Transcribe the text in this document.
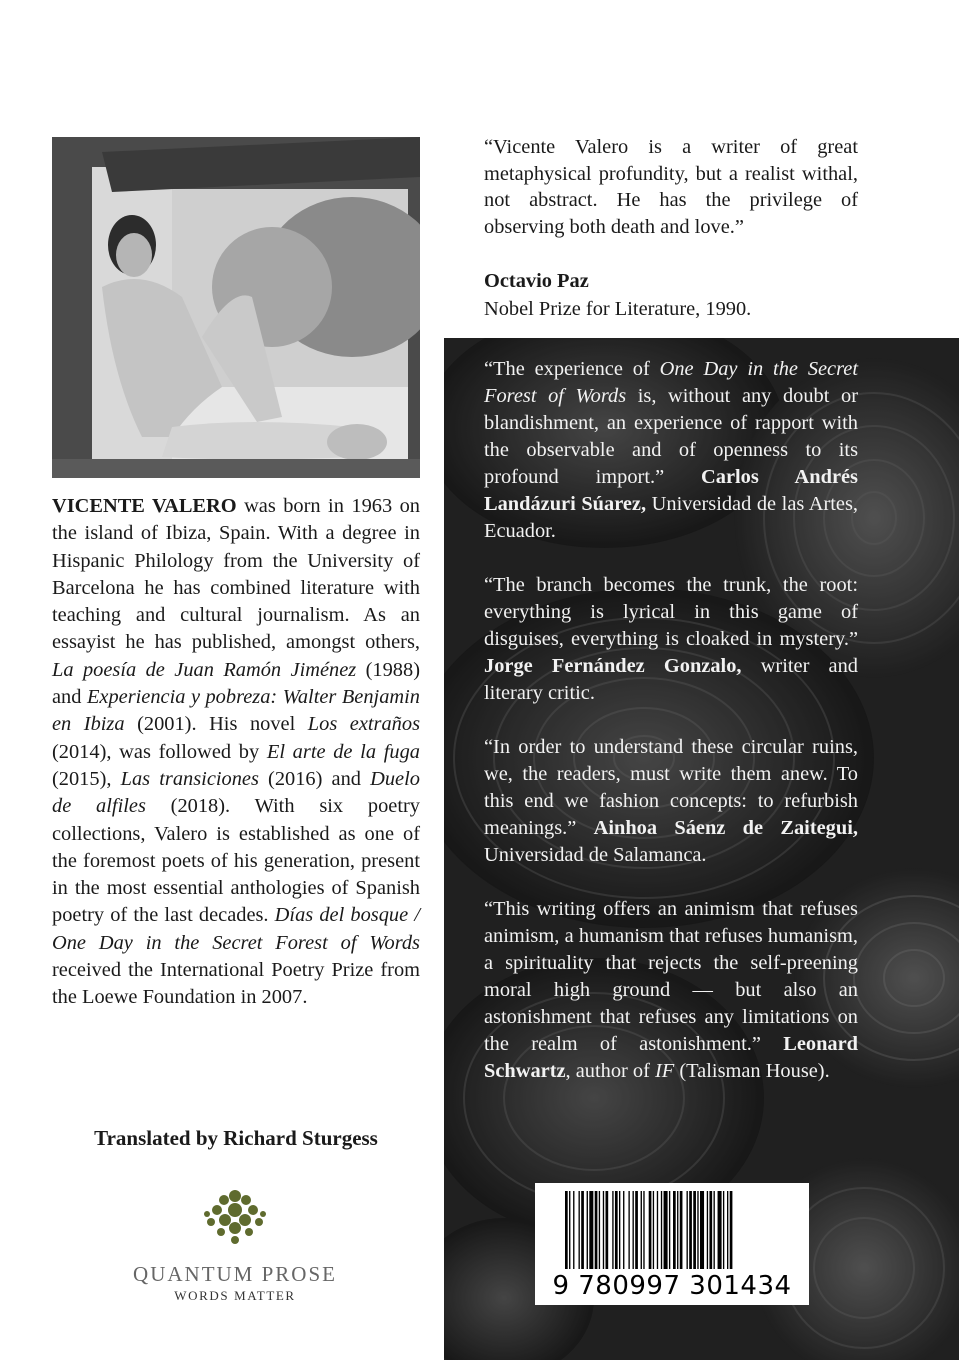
VICENTE VALERO was born in 1963 on the island of Ibiza, Spain. With a degree in Hispanic Philology from the University of Barcelona he has combined literature with teaching and cultural journalism. As an essayist he has published, amongst others, La poesía de Juan Ramón Jiménez (1988) and Experiencia y pobreza: Walter Benjamin en Ibiza (2001). His novel Los extraños (2014), was followed by El arte de la fuga (2015), Las transiciones (2016) and Duelo de alfiles (2018). With six poetry collections, Valero is established as one of the foremost poets of his generation, present in the most essential anthologies of Spanish poetry of the last decades. Días del bosque / One Day in the Secret Forest of Words received the International Poetry Prize from the Loewe Foundation in 2007.
Translated by Richard Sturgess
QUANTUM PROSE
WORDS MATTER
“Vicente Valero is a writer of great metaphysical profundity, but a realist withal, not abstract. He has the privilege of observing both death and love.”
Octavio Paz
Nobel Prize for Literature, 1990.

“The experience of One Day in the Secret Forest of Words is, without any doubt or blandishment, an experience of rapport with the observable and of openness to its profound import.” Carlos Andrés Landázuri Súarez, Universidad de las Artes, Ecuador.

“The branch becomes the trunk, the root: everything is lyrical in this game of disguises, everything is cloaked in mystery.” Jorge Fernández Gonzalo, writer and literary critic.

“In order to understand these circular ruins, we, the readers, must write them anew. To this end we fashion concepts: to refurbish meanings.” Ainhoa Sáenz de Zaitegui, Universidad de Salamanca.

“This writing offers an animism that refuses animism, a humanism that refuses humanism, a spirituality that rejects the self-preening moral high ground — but also an astonishment that refuses any limitations on the realm of astonishment.” Leonard Schwartz, author of IF (Talisman House).

9 780997 301434
